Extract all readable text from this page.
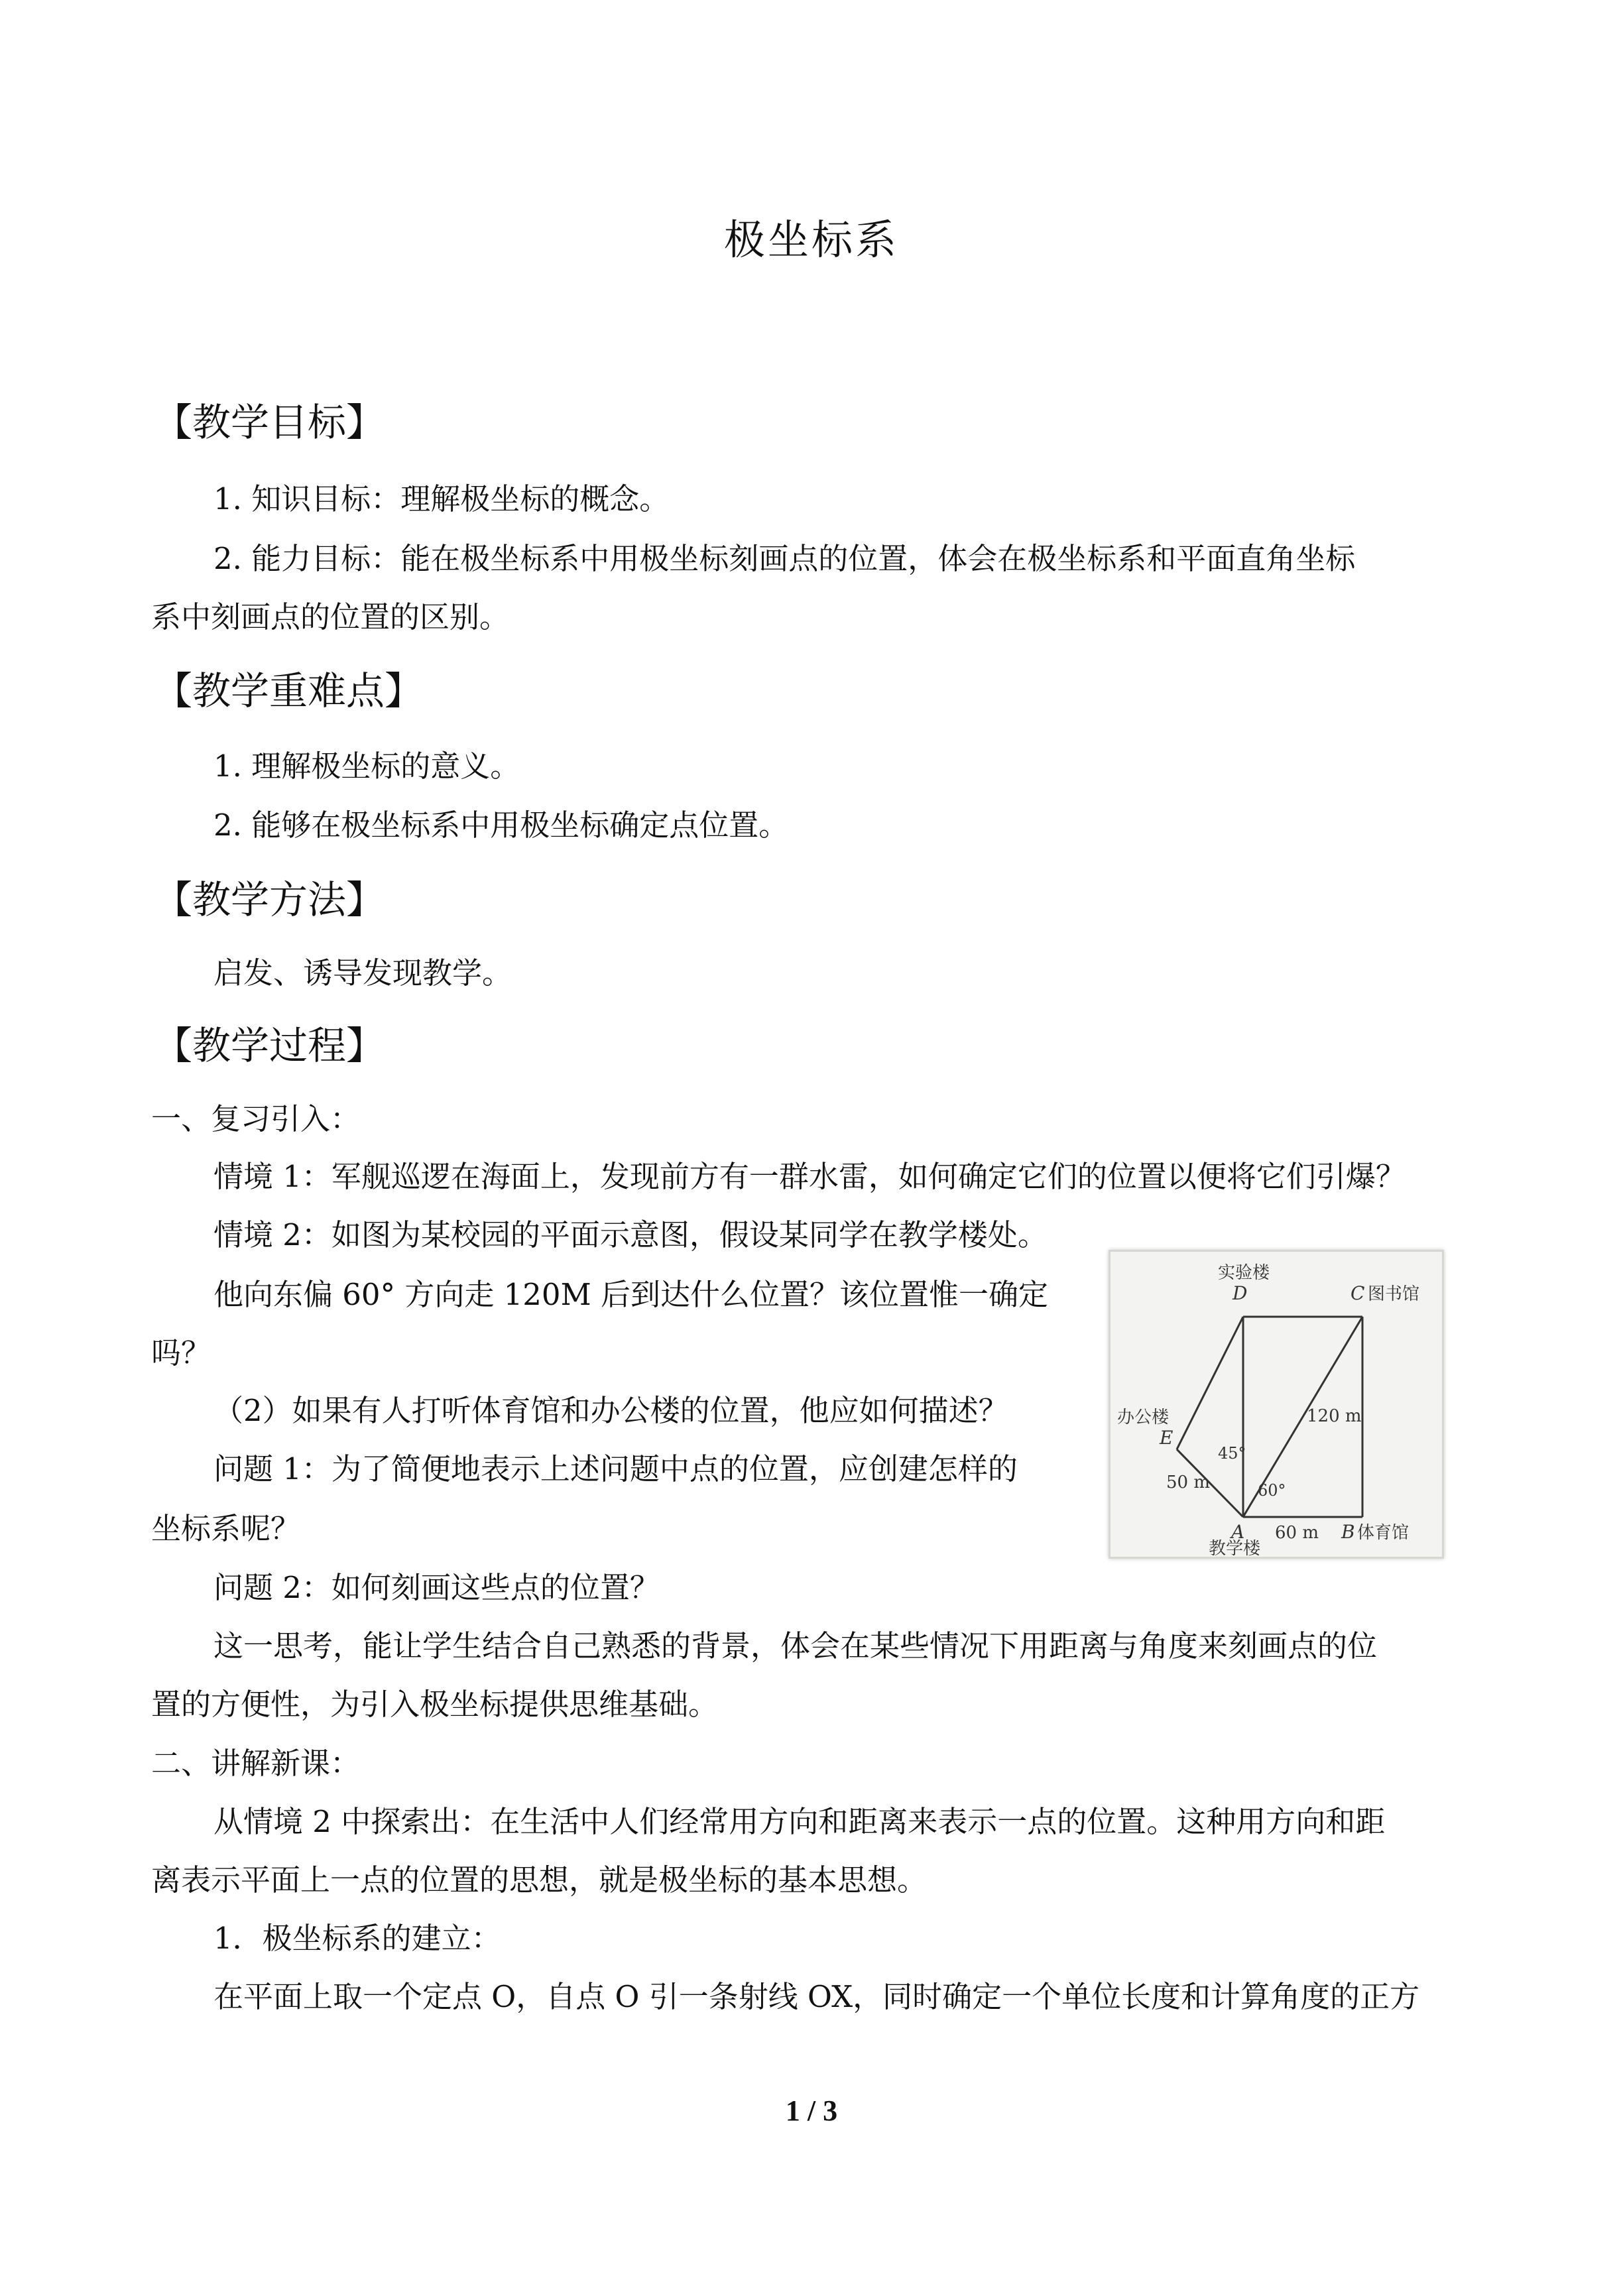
极坐标系
【教学目标】
1. 知识目标：理解极坐标的概念。
2. 能力目标：能在极坐标系中用极坐标刻画点的位置，体会在极坐标系和平面直角坐标
系中刻画点的位置的区别。
【教学重难点】
1. 理解极坐标的意义。
2. 能够在极坐标系中用极坐标确定点位置。
【教学方法】
启发、诱导发现教学。
【教学过程】
一、复习引入：
情境 1：军舰巡逻在海面上，发现前方有一群水雷，如何确定它们的位置以便将它们引爆？
情境 2：如图为某校园的平面示意图，假设某同学在教学楼处。
他向东偏 60° 方向走 120M 后到达什么位置？该位置惟一确定
吗？
（2）如果有人打听体育馆和办公楼的位置，他应如何描述？
问题 1：为了简便地表示上述问题中点的位置，应创建怎样的
坐标系呢？
问题 2：如何刻画这些点的位置？
这一思考，能让学生结合自己熟悉的背景，体会在某些情况下用距离与角度来刻画点的位
置的方便性，为引入极坐标提供思维基础。
二、讲解新课：
从情境 2 中探索出：在生活中人们经常用方向和距离来表示一点的位置。这种用方向和距
离表示平面上一点的位置的思想，就是极坐标的基本思想。
1．极坐标系的建立：
在平面上取一个定点 O，自点 O 引一条射线 OX，同时确定一个单位长度和计算角度的正方
实验楼
D	C 图书馆
办公楼
E
45°
60°
120 m
50 m
A 60 m B 体育馆
教学楼
1 / 3
